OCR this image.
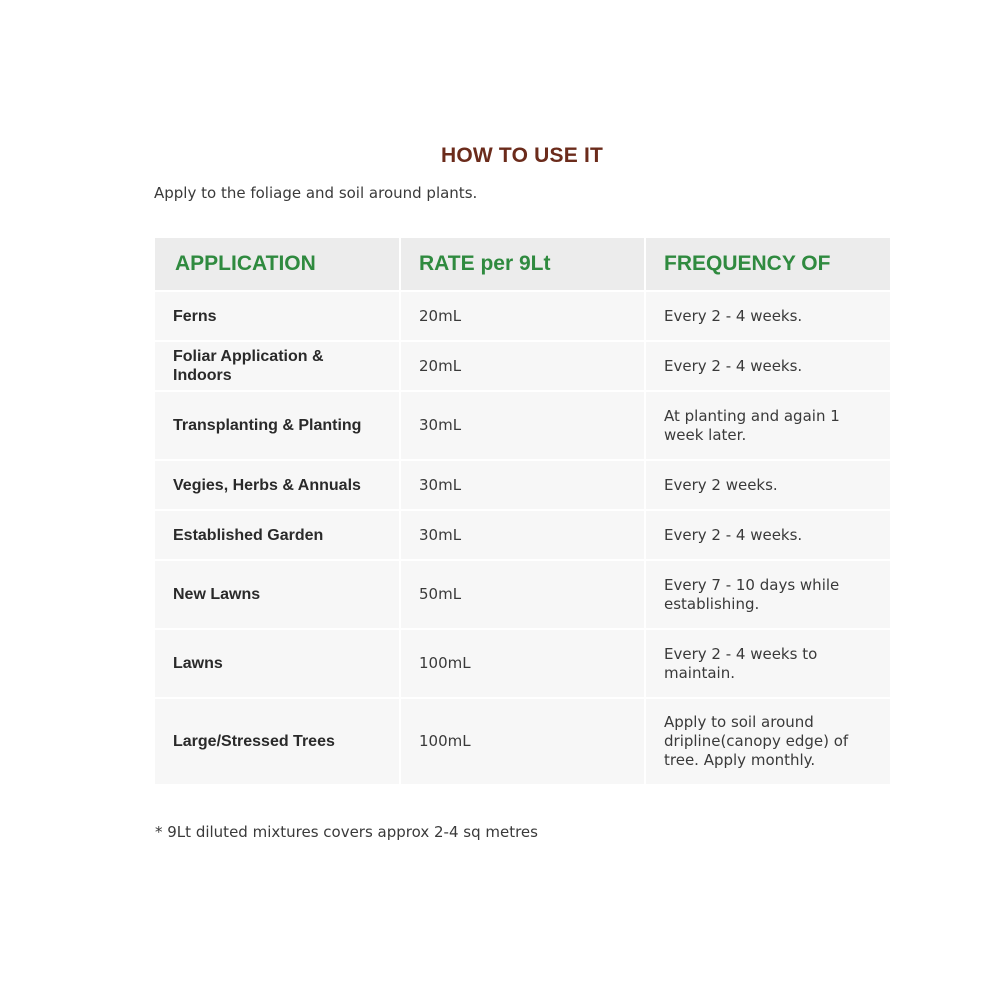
HOW TO USE IT

Apply to the foliage and soil around plants.

APPLICATION	RATE per 9Lt	FREQUENCY OF
Ferns	20mL	Every 2 - 4 weeks.
Foliar Application & Indoors	20mL	Every 2 - 4 weeks.
Transplanting & Planting	30mL	At planting and again 1 week later.
Vegies, Herbs & Annuals	30mL	Every 2 weeks.
Established Garden	30mL	Every 2 - 4 weeks.
New Lawns	50mL	Every 7 - 10 days while establishing.
Lawns	100mL	Every 2 - 4 weeks to maintain.
Large/Stressed Trees	100mL	Apply to soil around dripline(canopy edge) of tree. Apply monthly.

* 9Lt diluted mixtures covers approx 2-4 sq metres
